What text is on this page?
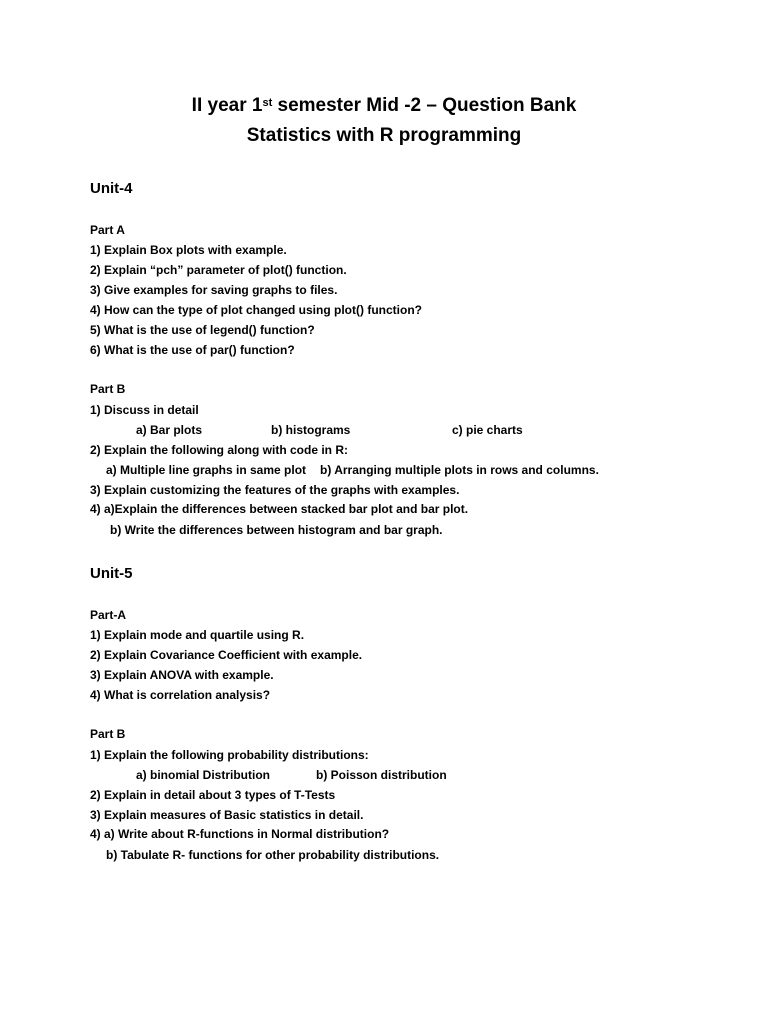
II year 1st semester Mid -2 – Question Bank
Statistics with R programming
Unit-4
Part A
1) Explain Box plots with example.
2) Explain “pch” parameter of plot() function.
3) Give examples for saving graphs to files.
4) How can the type of plot changed using plot() function?
5) What is the use of legend() function?
6) What is the use of par() function?
Part B
1) Discuss in detail
a) Bar plots	b) histograms	c) pie charts
2) Explain the following along with code in R:
a) Multiple line graphs in same plot b) Arranging multiple plots in rows and columns.
3) Explain customizing the features of the graphs with examples.
4) a)Explain the differences between stacked bar plot and bar plot.
b) Write the differences between histogram and bar graph.
Unit-5
Part-A
1) Explain mode and quartile using R.
2) Explain Covariance Coefficient with example.
3) Explain ANOVA with example.
4) What is correlation analysis?
Part B
1) Explain the following probability distributions:
a) binomial Distribution	b) Poisson distribution
2) Explain in detail about 3 types of T-Tests
3) Explain measures of Basic statistics in detail.
4) a) Write about R-functions in Normal distribution?
b) Tabulate R- functions for other probability distributions.
